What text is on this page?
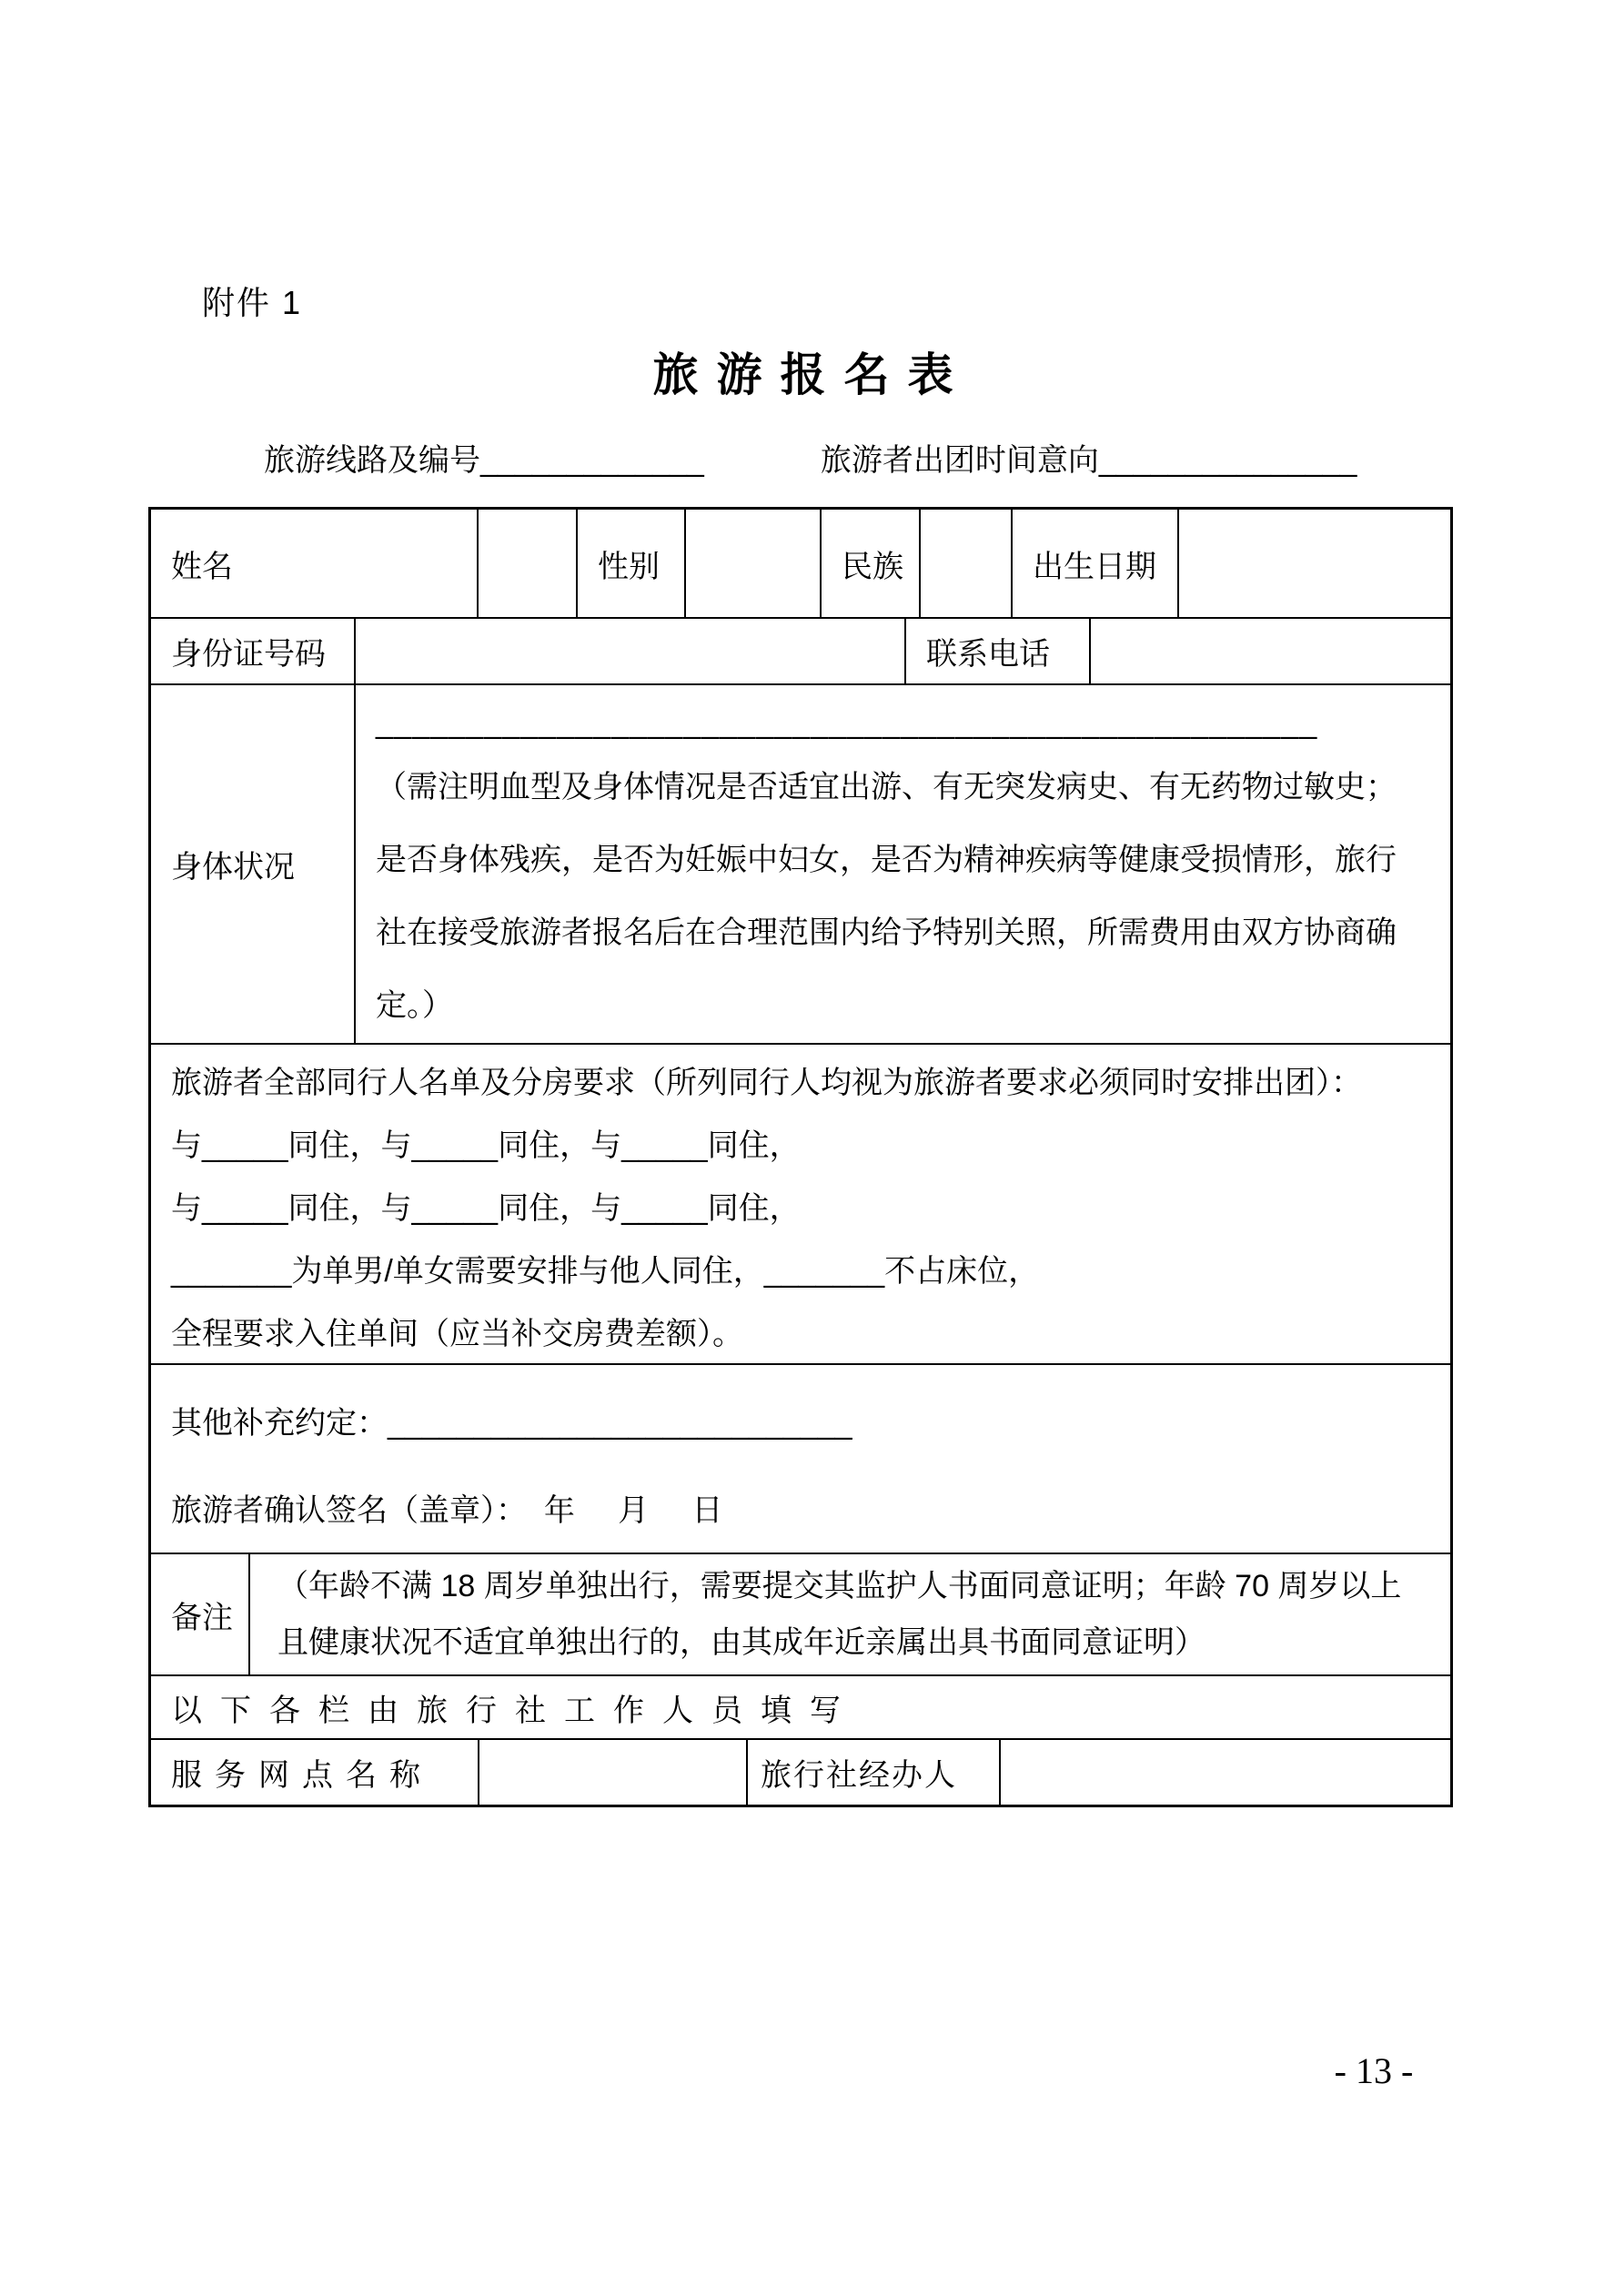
附件 1
旅游报名表
旅游线路及编号_____________	旅游者出团时间意向_______________
姓名	性别	民族	出生日期
身份证号码	联系电话
身体状况
____________________________________________________
（需注明血型及身体情况是否适宜出游、有无突发病史、有无药物过敏史；
是否身体残疾，是否为妊娠中妇女，是否为精神疾病等健康受损情形，旅行
社在接受旅游者报名后在合理范围内给予特别关照，所需费用由双方协商确
定。）
旅游者全部同行人名单及分房要求（所列同行人均视为旅游者要求必须同时安排出团）：
与_____同住，与_____同住，与_____同住，
与_____同住，与_____同住，与_____同住，
_______为单男/单女需要安排与他人同住，_______不占床位，
全程要求入住单间（应当补交房费差额）。
其他补充约定：___________________________
旅游者确认签名（盖章）：  年     月     日
备注
（年龄不满 18 周岁单独出行，需要提交其监护人书面同意证明；年龄 70 周岁以上
且健康状况不适宜单独出行的，由其成年近亲属出具书面同意证明）
以下各栏由旅行社工作人员填写
服务网点名称	旅行社经办人
- 13 -
